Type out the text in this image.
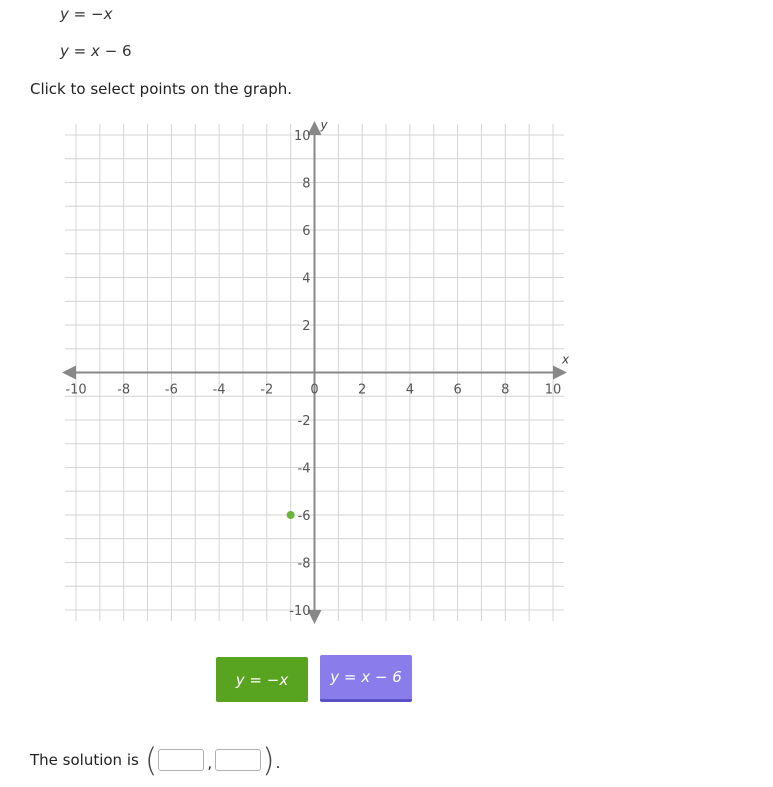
y = −x
y = x − 6
Click to select points on the graph.
-10 -8	-6	-4	-2	0	2	4	6	8	10
10
8
6
4
2
-2
-4
-6
-8
-10
x
y
y = −x	y = x − 6
The solution is (	, ) .
